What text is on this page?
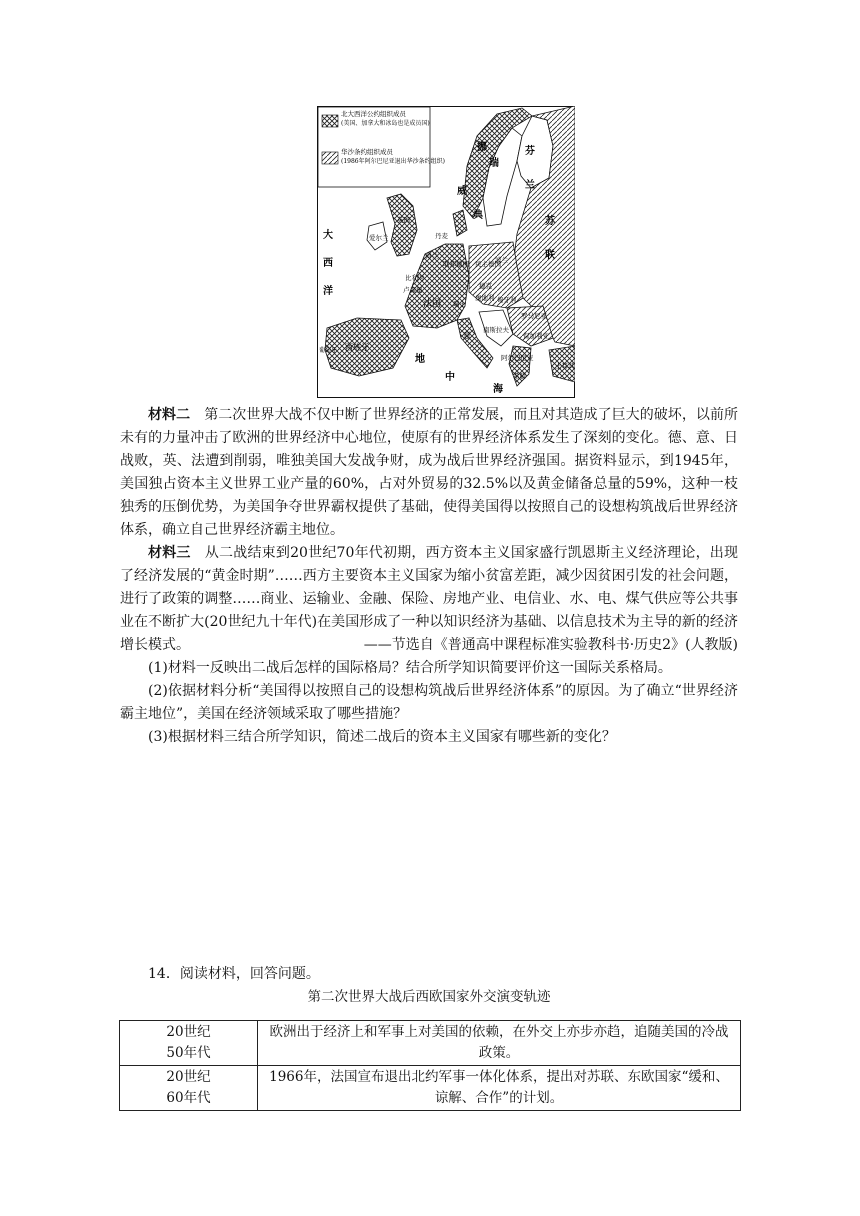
北大西洋公约组织成员
(美国、加拿大和冰岛也是成员国)
华沙条约组织成员
(1986年阿尔巴尼亚退出华沙条约组织)
挪
瑞
威
芬
兰
典
苏
联
大
西
洋
地
中
海
英国
爱尔兰	丹麦
荷兰
比利时
卢森堡
联邦德国 民主德国
波兰
捷克
奥地利
瑞士	匈牙利
罗马尼亚
南斯拉夫
保加利亚
阿尔巴尼亚
希腊
土耳其
法国
西班牙
葡萄牙
意

材料二　第二次世界大战不仅中断了世界经济的正常发展，而且对其造成了巨大的破坏，以前所未有的力量冲击了欧洲的世界经济中心地位，使原有的世界经济体系发生了深刻的变化。德、意、日战败，英、法遭到削弱，唯独美国大发战争财，成为战后世界经济强国。据资料显示，到1945年，美国独占资本主义世界工业产量的60%，占对外贸易的32.5%以及黄金储备总量的59%，这种一枝独秀的压倒优势，为美国争夺世界霸权提供了基础，使得美国得以按照自己的设想构筑战后世界经济体系，确立自己世界经济霸主地位。

材料三　从二战结束到20世纪70年代初期，西方资本主义国家盛行凯恩斯主义经济理论，出现了经济发展的“黄金时期”……西方主要资本主义国家为缩小贫富差距，减少因贫困引发的社会问题，进行了政策的调整……商业、运输业、金融、保险、房地产业、电信业、水、电、煤气供应等公共事业在不断扩大(20世纪九十年代)在美国形成了一种以知识经济为基础、以信息技术为主导的新的经济增长模式。	——节选自《普通高中课程标准实验教科书·历史2》(人教版)

(1)材料一反映出二战后怎样的国际格局？结合所学知识简要评价这一国际关系格局。

(2)依据材料分析“美国得以按照自己的设想构筑战后世界经济体系”的原因。为了确立“世界经济霸主地位”，美国在经济领域采取了哪些措施？

(3)根据材料三结合所学知识，简述二战后的资本主义国家有哪些新的变化？

14．阅读材料，回答问题。

第二次世界大战后西欧国家外交演变轨迹

20世纪
50年代	欧洲出于经济上和军事上对美国的依赖，在外交上亦步亦趋，追随美国的冷战政策。
20世纪
60年代	1966年，法国宣布退出北约军事一体化体系，提出对苏联、东欧国家“缓和、谅解、合作”的计划。
